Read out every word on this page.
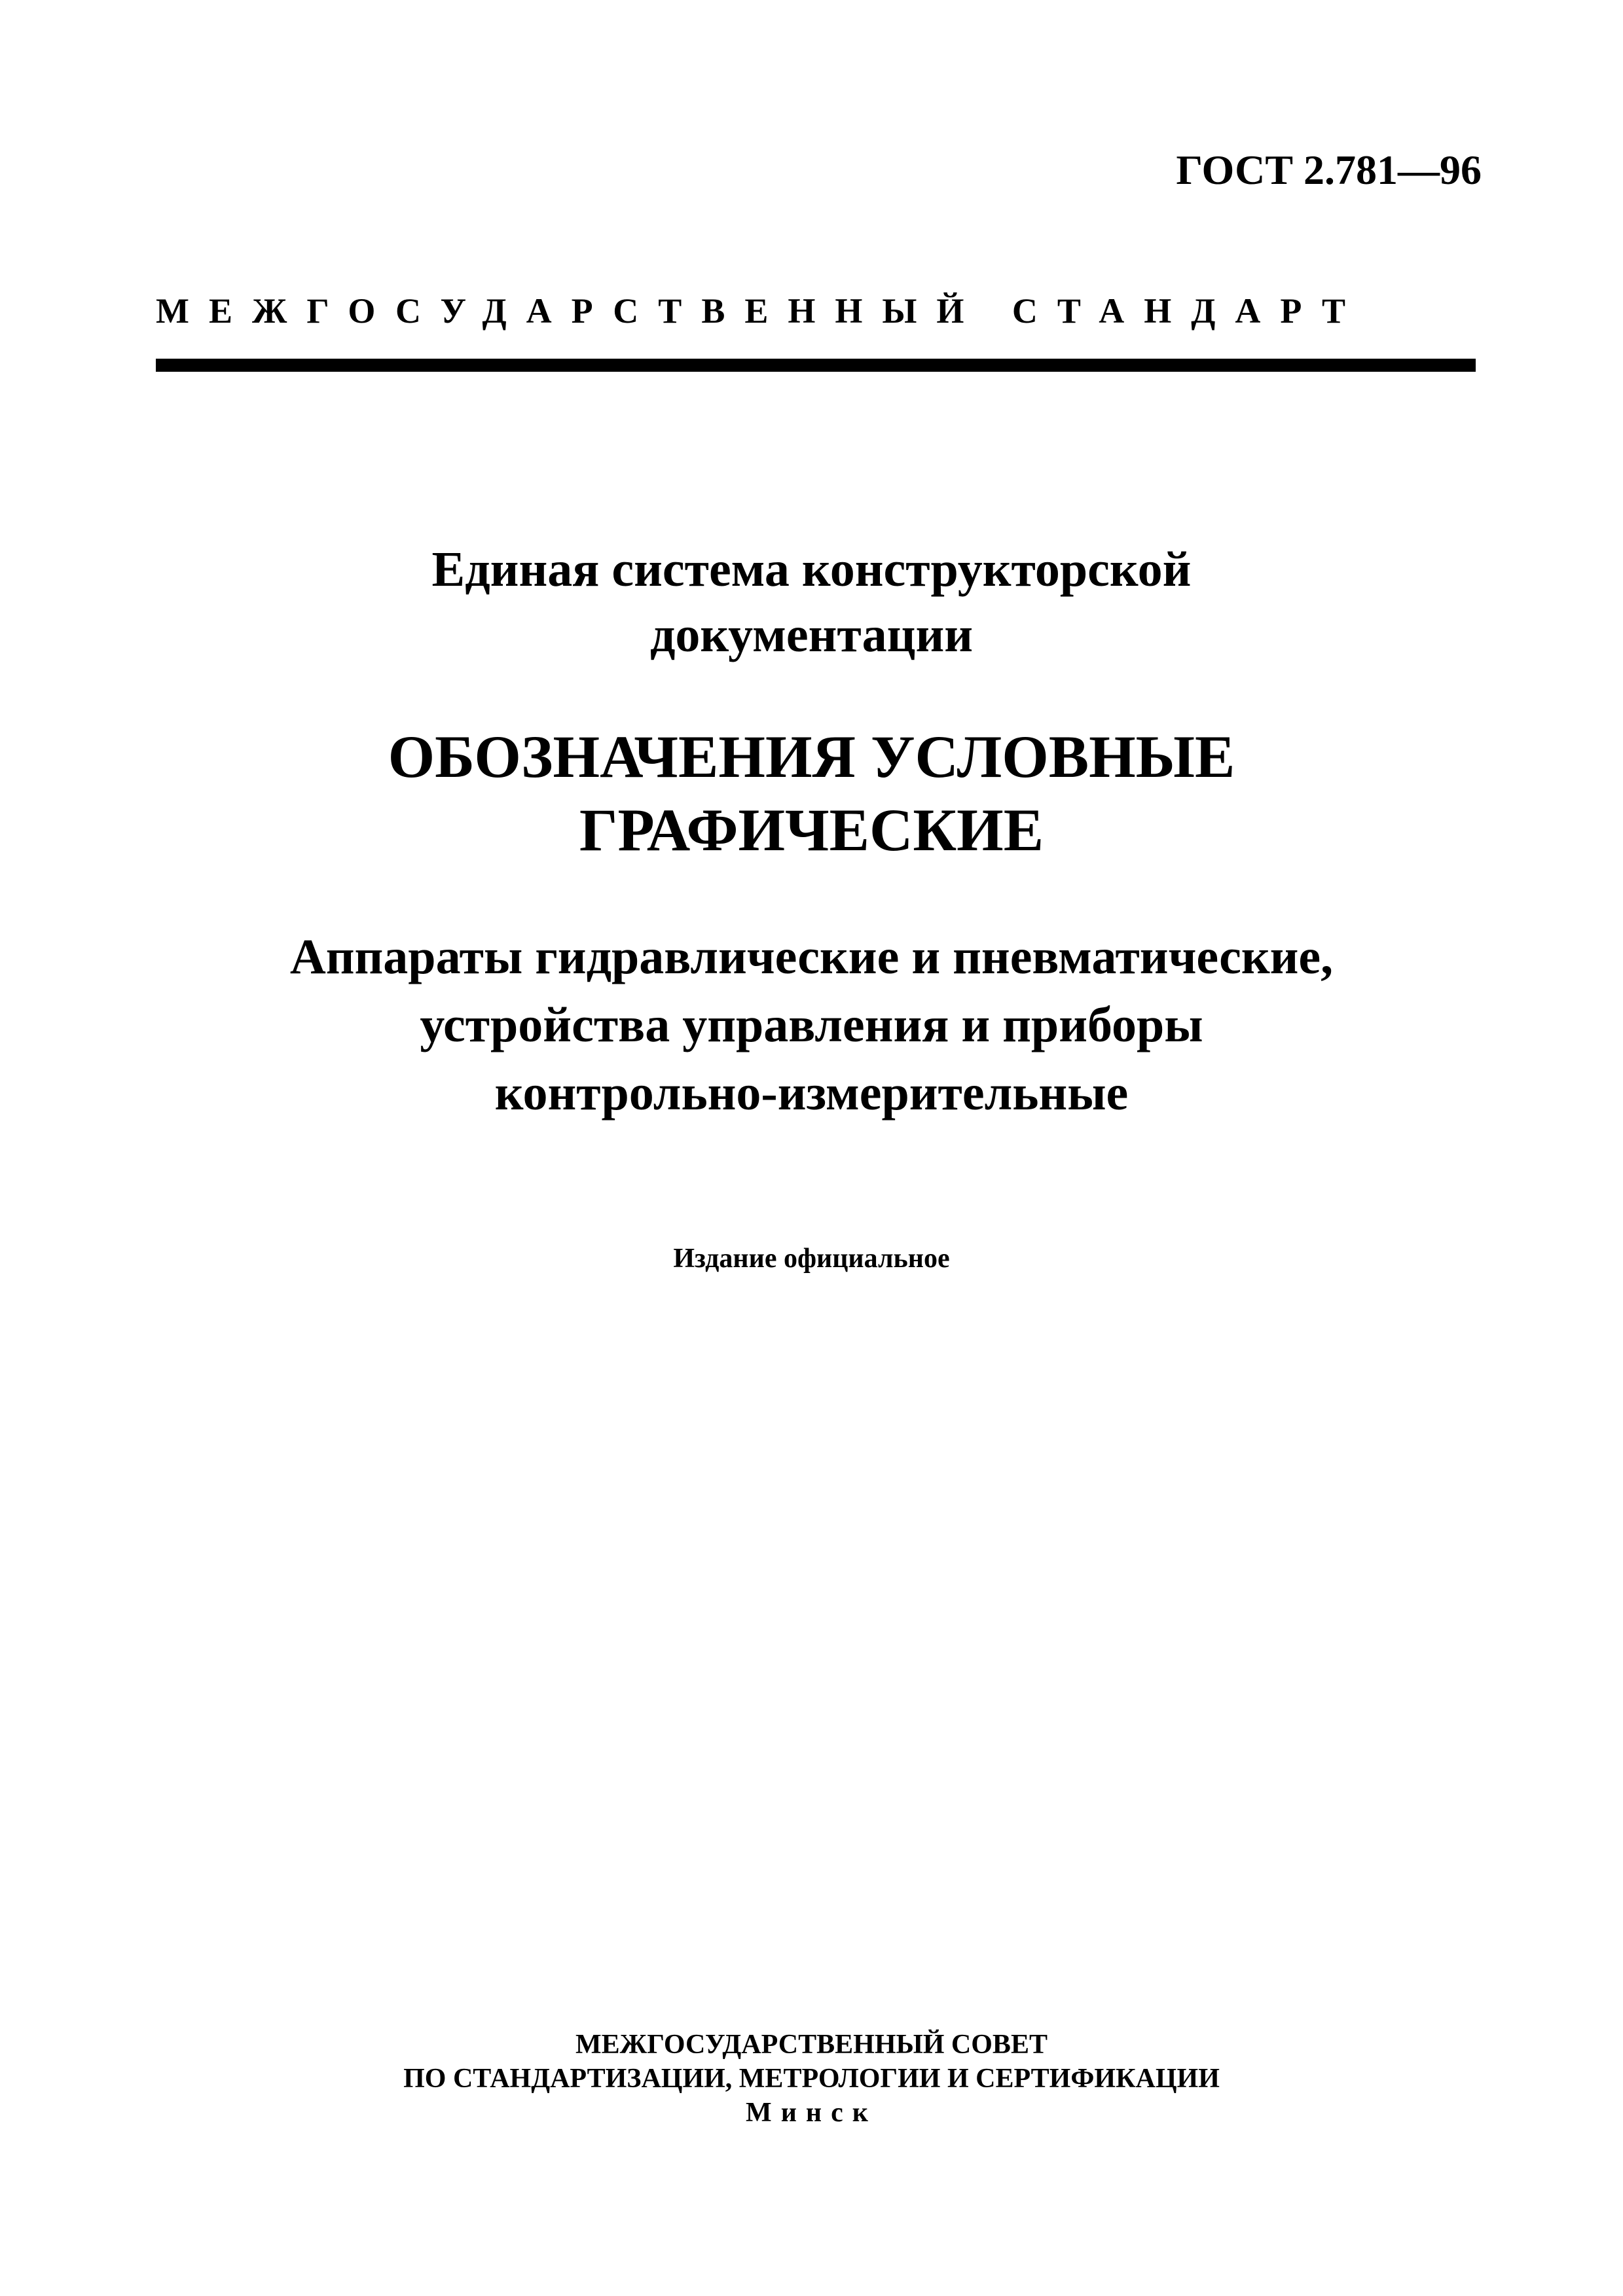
ГОСТ 2.781—96
МЕЖГОСУДАРСТВЕННЫЙ СТАНДАРТ
Единая система конструкторской
документации
ОБОЗНАЧЕНИЯ УСЛОВНЫЕ
ГРАФИЧЕСКИЕ
Аппараты гидравлические и пневматические,
устройства управления и приборы
контрольно-измерительные
Издание официальное
МЕЖГОСУДАРСТВЕННЫЙ СОВЕТ
ПО СТАНДАРТИЗАЦИИ, МЕТРОЛОГИИ И СЕРТИФИКАЦИИ
Минск
